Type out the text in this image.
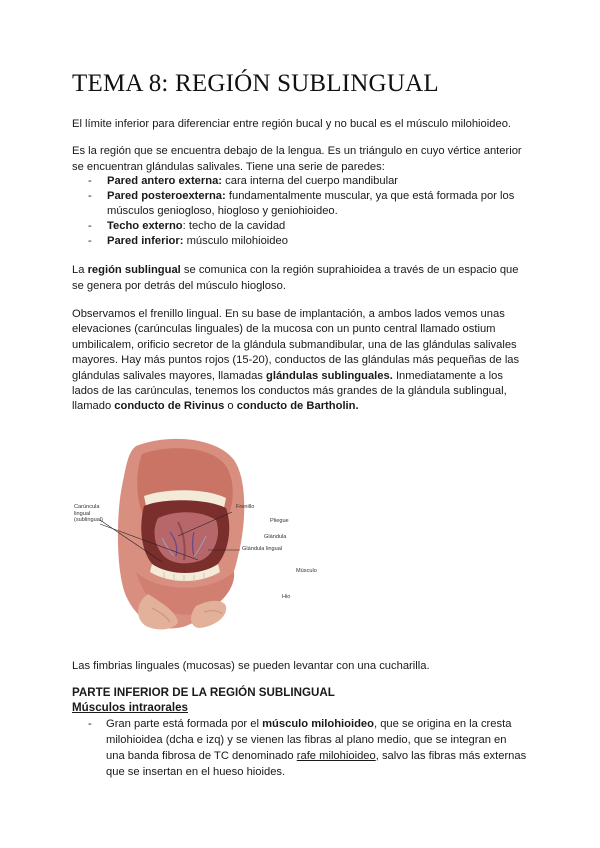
TEMA 8: REGIÓN SUBLINGUAL

El límite inferior para diferenciar entre región bucal y no bucal es el músculo milohioideo.

Es la región que se encuentra debajo de la lengua. Es un triángulo en cuyo vértice anterior se encuentran glándulas salivales. Tiene una serie de paredes:

- Pared antero externa: cara interna del cuerpo mandibular
- Pared posteroexterna: fundamentalmente muscular, ya que está formada por los músculos geniogloso, hiogloso y geniohioideo.
- Techo externo: techo de la cavidad
- Pared inferior: músculo milohioideo

La región sublingual se comunica con la región suprahioidea a través de un espacio que se genera por detrás del músculo hiogloso.

Observamos el frenillo lingual. En su base de implantación, a ambos lados vemos unas elevaciones (carúnculas linguales) de la mucosa con un punto central llamado ostium umbilicalem, orificio secretor de la glándula submandibular, una de las glándulas salivales mayores. Hay más puntos rojos (15-20), conductos de las glándulas más pequeñas de las glándulas salivales mayores, llamadas glándulas sublinguales. Inmediatamente a los lados de las carúnculas, tenemos los conductos más grandes de la glándula sublingual, llamado conducto de Rivinus o conducto de Bartholin.

Carúncula
lingual
(sublingual)
Frenillo
Pliegue
Glándula
Glándula lingual
Músculo
Hio

Las fimbrias linguales (mucosas) se pueden levantar con una cucharilla.

PARTE INFERIOR DE LA REGIÓN SUBLINGUAL
Músculos intraorales
- Gran parte está formada por el músculo milohioideo, que se origina en la cresta milohioidea (dcha e izq) y se vienen las fibras al plano medio, que se integran en una banda fibrosa de TC denominado rafe milohioideo, salvo las fibras más externas que se insertan en el hueso hioides.
